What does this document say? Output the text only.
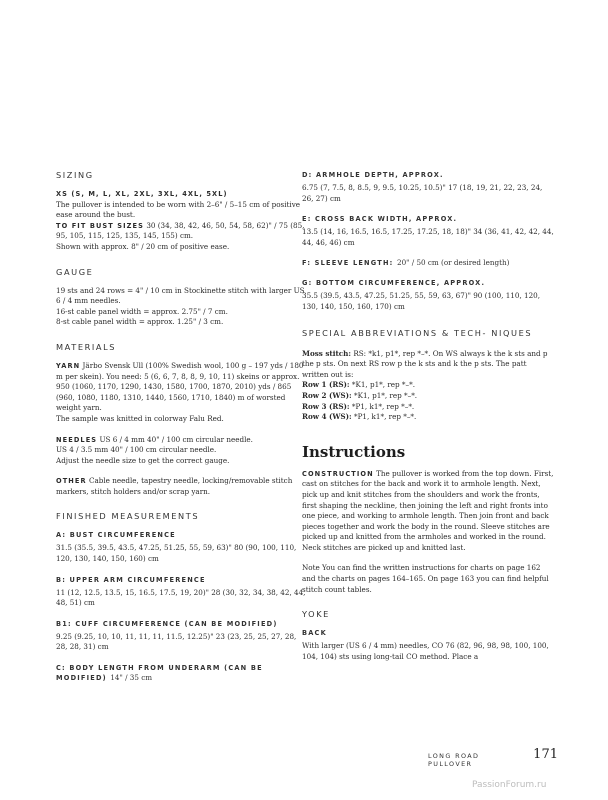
SIZING

XS (S, M, L, XL, 2XL, 3XL, 4XL, 5XL)

The pullover is intended to be worn with 2–6" / 5–15 cm of positive ease around the bust.

TO FIT BUST SIZES 30 (34, 38, 42, 46, 50, 54, 58, 62)" / 75 (85, 95, 105, 115, 125, 135, 145, 155) cm.

Shown with approx. 8" / 20 cm of positive ease.

GAUGE

19 sts and 24 rows = 4" / 10 cm in Stockinette stitch with larger US 6 / 4 mm needles.

16-st cable panel width = approx. 2.75" / 7 cm.

8-st cable panel width = approx. 1.25" / 3 cm.

MATERIALS

YARN Järbo Svensk Ull (100% Swedish wool, 100 g – 197 yds / 180 m per skein). You need: 5 (6, 6, 7, 8, 8, 9, 10, 11) skeins or approx. 950 (1060, 1170, 1290, 1430, 1580, 1700, 1870, 2010) yds / 865 (960, 1080, 1180, 1310, 1440, 1560, 1710, 1840) m of worsted weight yarn.

The sample was knitted in colorway Falu Red.

NEEDLES US 6 / 4 mm 40" / 100 cm circular needle.

US 4 / 3.5 mm 40" / 100 cm circular needle.

Adjust the needle size to get the correct gauge.

OTHER Cable needle, tapestry needle, locking/removable stitch markers, stitch holders and/or scrap yarn.

FINISHED MEASUREMENTS

A: BUST CIRCUMFERENCE

31.5 (35.5, 39.5, 43.5, 47.25, 51.25, 55, 59, 63)" 80 (90, 100, 110, 120, 130, 140, 150, 160) cm

B: UPPER ARM CIRCUMFERENCE

11 (12, 12.5, 13.5, 15, 16.5, 17.5, 19, 20)" 28 (30, 32, 34, 38, 42, 44, 48, 51) cm

B1: CUFF CIRCUMFERENCE (CAN BE MODIFIED)

9.25 (9.25, 10, 10, 11, 11, 11, 11.5, 12.25)" 23 (23, 25, 25, 27, 28, 28, 28, 31) cm

C: BODY LENGTH FROM UNDERARM (CAN BE MODIFIED) 14" / 35 cm

D: ARMHOLE DEPTH, APPROX.

6.75 (7, 7.5, 8, 8.5, 9, 9.5, 10.25, 10.5)" 17 (18, 19, 21, 22, 23, 24, 26, 27) cm

E: CROSS BACK WIDTH, APPROX.

13.5 (14, 16, 16.5, 16.5, 17.25, 17.25, 18, 18)" 34 (36, 41, 42, 42, 44, 44, 46, 46) cm

F: SLEEVE LENGTH: 20" / 50 cm (or desired length)

G: BOTTOM CIRCUMFERENCE, APPROX.

35.5 (39.5, 43.5, 47.25, 51.25, 55, 59, 63, 67)" 90 (100, 110, 120, 130, 140, 150, 160, 170) cm

SPECIAL ABBREVIATIONS & TECH- NIQUES

Moss stitch: RS: *k1, p1*, rep *–*. On WS always k the k sts and p the p sts. On next RS row p the k sts and k the p sts. The patt written out is:

Row 1 (RS): *K1, p1*, rep *–*.

Row 2 (WS): *K1, p1*, rep *–*.

Row 3 (RS): *P1, k1*, rep *–*.

Row 4 (WS): *P1, k1*, rep *–*.

Instructions

CONSTRUCTION The pullover is worked from the top down. First, cast on stitches for the back and work it to armhole length. Next, pick up and knit stitches from the shoulders and work the fronts, first shaping the neckline, then joining the left and right fronts into one piece, and working to armhole length. Then join front and back pieces together and work the body in the round. Sleeve stitches are picked up and knitted from the armholes and worked in the round. Neck stitches are picked up and knitted last.

Note You can find the written instructions for charts on page 162 and the charts on pages 164–165. On page 163 you can find helpful stitch count tables.

YOKE

BACK

With larger (US 6 / 4 mm) needles, CO 76 (82, 96, 98, 98, 100, 100, 104, 104) sts using long-tail CO method. Place a

LONG ROAD PULLOVER
171
PassionForum.ru
